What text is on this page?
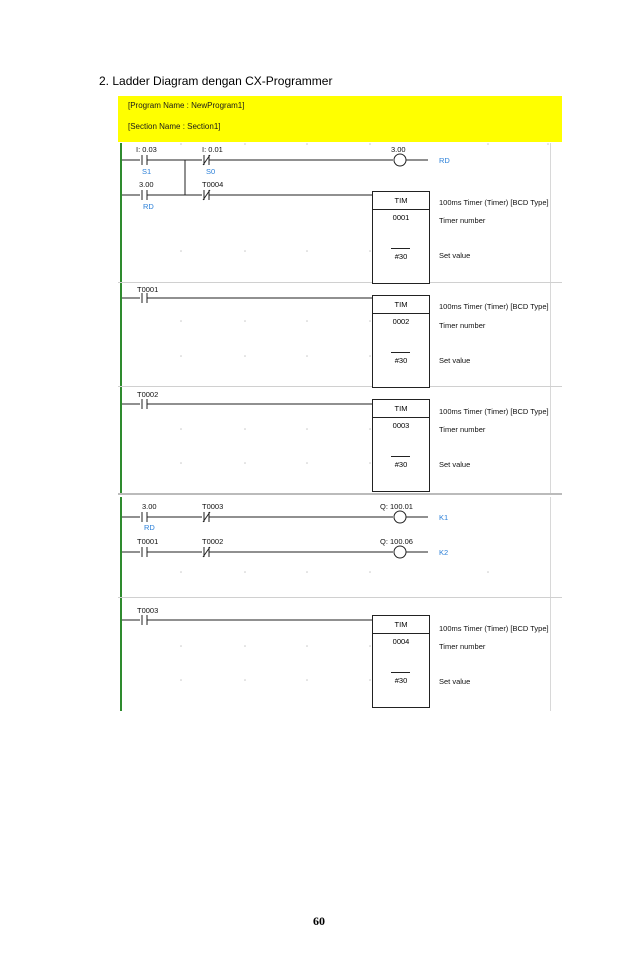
2. Ladder Diagram dengan CX-Programmer
[Program Name : NewProgram1]
[Section Name : Section1]
I: 0.03
S1
I: 0.01
S0
3.00
RD
3.00
RD
T0004
TIM
0001
#30
100ms Timer (Timer) [BCD Type]
Timer number
Set value
T0001
TIM
0002
#30
100ms Timer (Timer) [BCD Type]
Timer number
Set value
T0002
TIM
0003
#30
100ms Timer (Timer) [BCD Type]
Timer number
Set value
3.00
RD
T0003	Q: 100.01
K1
T0001	T0002	Q: 100.06
K2
T0003
TIM
0004
#30
100ms Timer (Timer) [BCD Type]
Timer number
Set value
60
